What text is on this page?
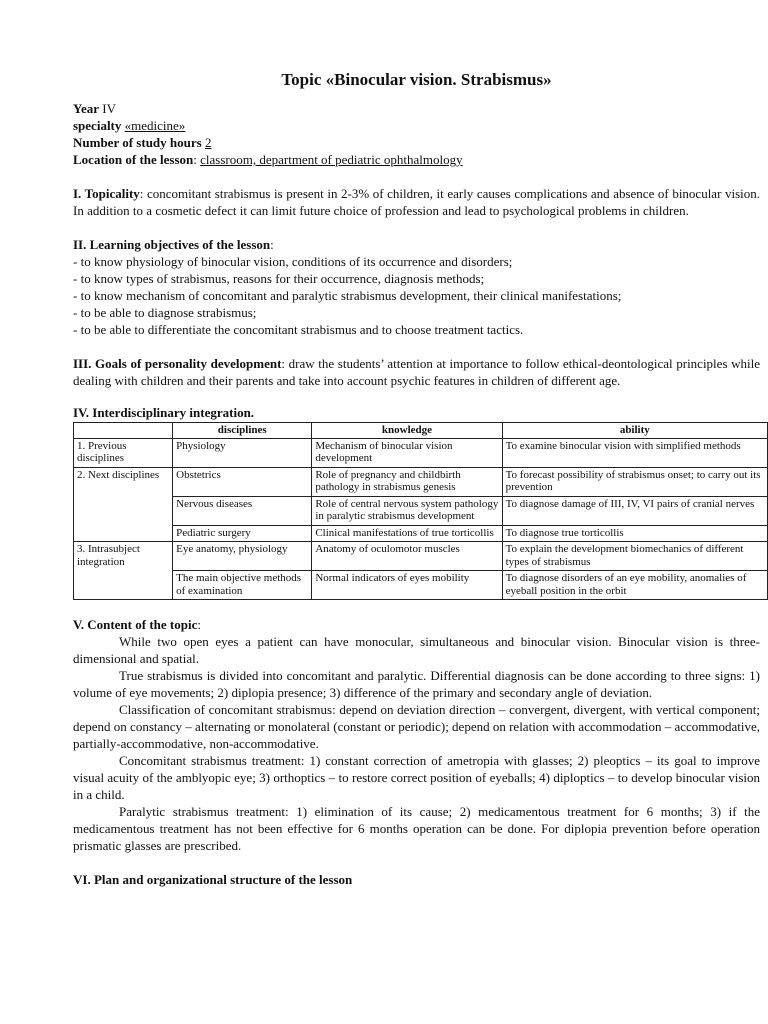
Topic «Binocular vision. Strabismus»
Year IV
specialty «medicine»
Number of study hours 2
Location of the lesson: classroom, department of pediatric ophthalmology
I. Topicality: concomitant strabismus is present in 2-3% of children, it early causes complications and absence of binocular vision. In addition to a cosmetic defect it can limit future choice of profession and lead to psychological problems in children.
II. Learning objectives of the lesson:
- to know physiology of binocular vision, conditions of its occurrence and disorders;
- to know types of strabismus, reasons for their occurrence, diagnosis methods;
- to know mechanism of concomitant and paralytic strabismus development, their clinical manifestations;
- to be able to diagnose strabismus;
- to be able to differentiate the concomitant strabismus and to choose treatment tactics.
III. Goals of personality development: draw the students’ attention at importance to follow ethical-deontological principles while dealing with children and their parents and take into account psychic features in children of different age.
IV. Interdisciplinary integration.
	disciplines	knowledge	ability
1. Previous disciplines	Physiology	Mechanism of binocular vision development	To examine binocular vision with simplified methods
2. Next disciplines	Obstetrics	Role of pregnancy and childbirth pathology in strabismus genesis	To forecast possibility of strabismus onset; to carry out its prevention
	Nervous diseases	Role of central nervous system pathology in paralytic strabismus development	To diagnose damage of III, IV, VI pairs of cranial nerves
	Pediatric surgery	Clinical manifestations of true torticollis	To diagnose true torticollis
3. Intrasubject integration	Eye anatomy, physiology	Anatomy of oculomotor muscles	To explain the development biomechanics of different types of strabismus
	The main objective methods of examination	Normal indicators of eyes mobility	To diagnose disorders of an eye mobility, anomalies of eyeball position in the orbit
V. Content of the topic:

While two open eyes a patient can have monocular, simultaneous and binocular vision. Binocular vision is three-dimensional and spatial.

True strabismus is divided into concomitant and paralytic. Differential diagnosis can be done according to three signs: 1) volume of eye movements; 2) diplopia presence; 3) difference of the primary and secondary angle of deviation.

Classification of concomitant strabismus: depend on deviation direction – convergent, divergent, with vertical component; depend on constancy – alternating or monolateral (constant or periodic); depend on relation with accommodation – accommodative, partially-accommodative, non-accommodative.

Concomitant strabismus treatment: 1) constant correction of ametropia with glasses; 2) pleoptics – its goal to improve visual acuity of the amblyopic eye; 3) orthoptics – to restore correct position of eyeballs; 4) diploptics – to develop binocular vision in a child.

Paralytic strabismus treatment: 1) elimination of its cause; 2) medicamentous treatment for 6 months; 3) if the medicamentous treatment has not been effective for 6 months operation can be done. For diplopia prevention before operation prismatic glasses are prescribed.

VI. Plan and organizational structure of the lesson
